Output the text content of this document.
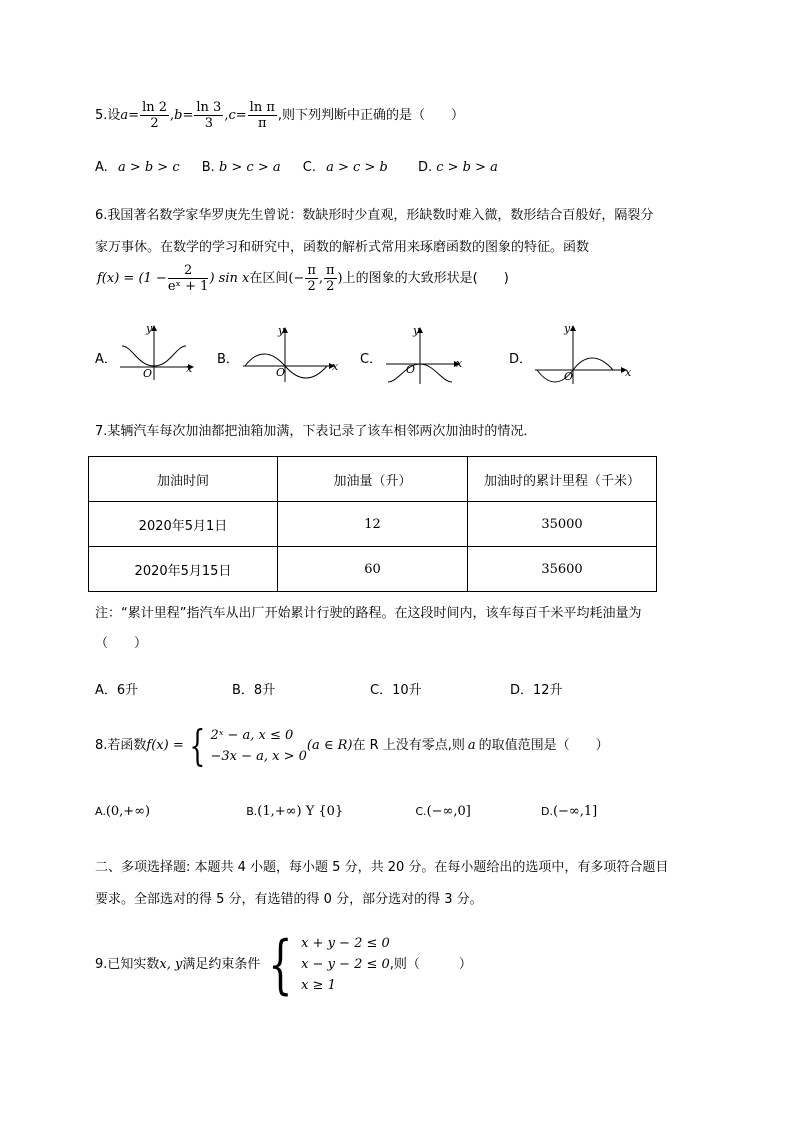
5.设$a= \frac{\ln 2}{2} ,b= \frac{\ln 3}{3} ,c= \frac{\text{ln π}}{\pi}$ ,则下列判断中正确的是（　　）
A. a > b > c B. b > c > a C. a > c > b D. c > b > a
6.我国著名数学家华罗庚先生曾说：数缺形时少直观，形缺数时难入微，数形结合百般好，隔裂分
家万事休。在数学的学习和研究中，函数的解析式常用来琢磨函数的图象的特征。函数
$f(x) = (1 - \frac{2}{\text{eˣ + 1}}$ ) sin x在区间(− $\frac{\pi}{2}$ , $\frac{\pi}{2}$ )上的图象的大致形状是(　　)
A．
y
x
O
B．
y
x
O
C．
y
x
O
D．
y
x
O
7.某辆汽车每次加油都把油箱加满，下表记录了该车相邻两次加油时的情况．
加油时间	加油量（升）	加油时的累计里程（千米）
2020年5月1日	12	35000
2020年5月15日	60	35600
注：“累计里程”指汽车从出厂开始累计行驶的路程。在这段时间内，该车每百千米平均耗油量为
（　　）
A．6升	B．8升	C．10升	D．12升
8.若函数f(x) = { 2ˣ − a, x ≤ 0
−3x − a, x > 0
(a ∈ R)在 R 上没有零点,则 a 的取值范围是（　　）
A.(0,+∞)	B.(1,+∞) Y {0}	C.(−∞,0]	D.(−∞,1]
二、多项选择题: 本题共 4 小题，每小题 5 分，共 20 分。在每小题给出的选项中，有多项符合题目
要求。全部选对的得 5 分，有选错的得 0 分，部分选对的得 3 分。
9.已知实数x, y满足约束条件 { x + y − 2 ≤ 0
x − y − 2 ≤ 0
x ≥ 1
,则（　　　）
